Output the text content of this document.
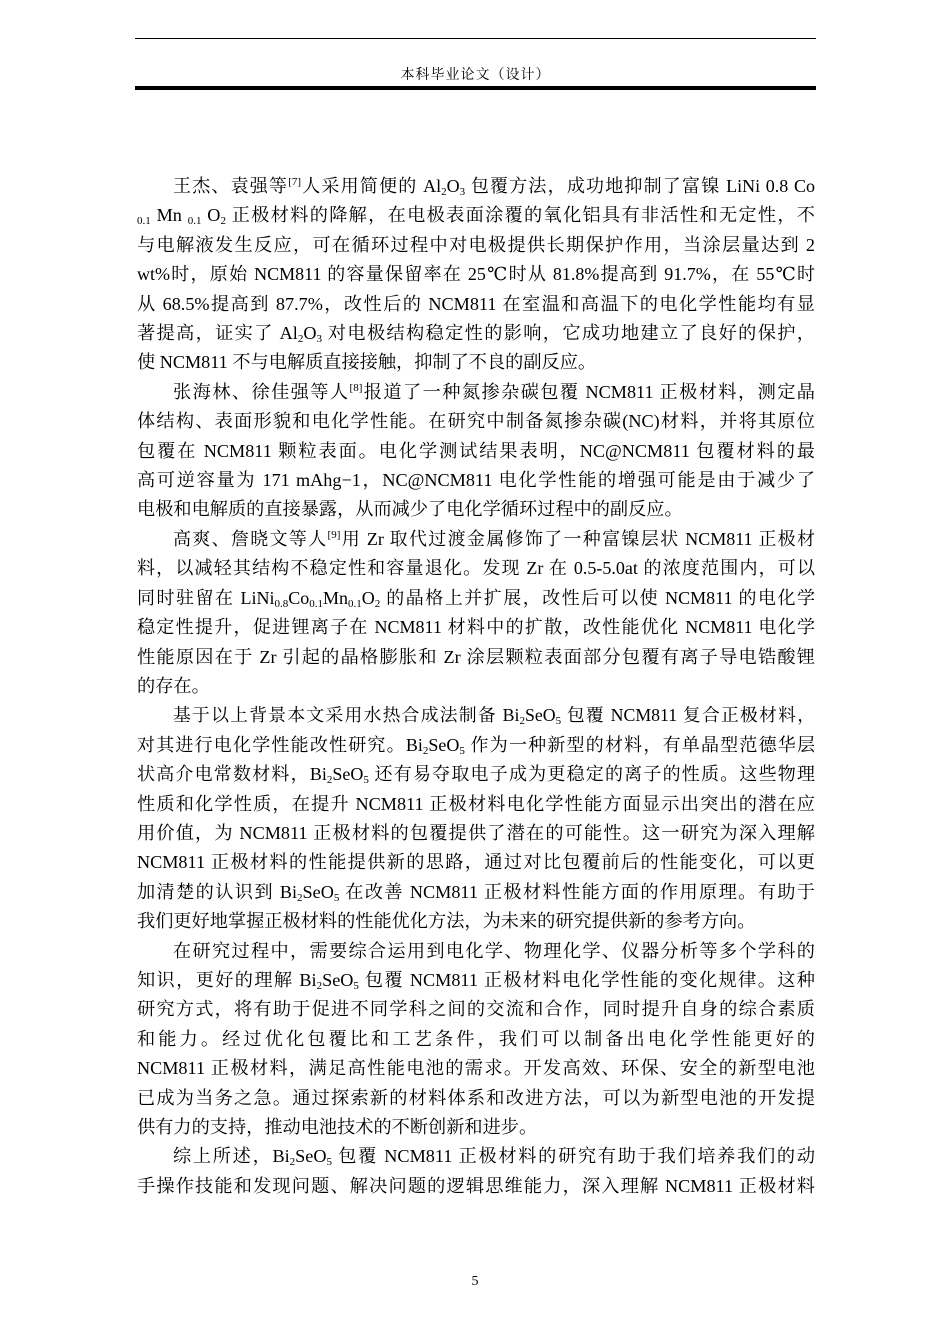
本科毕业论文（设计）
王杰、袁强等[7]人采用简便的 $Al_2O_3$ 包覆方法，成功地抑制了富镍 LiNi 0.8 Co
$_{0.1}$ Mn $_{0.1}$ $O_2$ 正极材料的降解，在电极表面涂覆的氧化铝具有非活性和无定性，不
与电解液发生反应，可在循环过程中对电极提供长期保护作用，当涂层量达到 2
wt%时，原始 NCM811 的容量保留率在 25℃时从 81.8%提高到 91.7%，在 55℃时
从 68.5%提高到 87.7%，改性后的 NCM811 在室温和高温下的电化学性能均有显
著提高，证实了 $Al_2O_3$ 对电极结构稳定性的影响，它成功地建立了良好的保护，
使 NCM811 不与电解质直接接触，抑制了不良的副反应。
张海林、徐佳强等人[8]报道了一种氮掺杂碳包覆 NCM811 正极材料，测定晶
体结构、表面形貌和电化学性能。在研究中制备氮掺杂碳(NC)材料，并将其原位
包覆在 NCM811 颗粒表面。电化学测试结果表明，NC@NCM811 包覆材料的最
高可逆容量为 171 mAhg−1，NC@NCM811 电化学性能的增强可能是由于减少了
电极和电解质的直接暴露，从而减少了电化学循环过程中的副反应。
高爽、詹晓文等人[9]用 Zr 取代过渡金属修饰了一种富镍层状 NCM811 正极材
料，以减轻其结构不稳定性和容量退化。发现 Zr 在 0.5-5.0at 的浓度范围内，可以
同时驻留在 $LiNi_{0.8}Co_{0.1}Mn_{0.1}O_2$ 的晶格上并扩展，改性后可以使 NCM811 的电化学
稳定性提升，促进锂离子在 NCM811 材料中的扩散，改性能优化 NCM811 电化学
性能原因在于 Zr 引起的晶格膨胀和 Zr 涂层颗粒表面部分包覆有离子导电锆酸锂
的存在。
基于以上背景本文采用水热合成法制备 $Bi_2SeO_5$ 包覆 NCM811 复合正极材料，
对其进行电化学性能改性研究。$Bi_2SeO_5$ 作为一种新型的材料，有单晶型范德华层
状高介电常数材料，$Bi_2SeO_5$ 还有易夺取电子成为更稳定的离子的性质。这些物理
性质和化学性质，在提升 NCM811 正极材料电化学性能方面显示出突出的潜在应
用价值，为 NCM811 正极材料的包覆提供了潜在的可能性。这一研究为深入理解
NCM811 正极材料的性能提供新的思路，通过对比包覆前后的性能变化，可以更
加清楚的认识到 $Bi_2SeO_5$ 在改善 NCM811 正极材料性能方面的作用原理。有助于
我们更好地掌握正极材料的性能优化方法，为未来的研究提供新的参考方向。
在研究过程中，需要综合运用到电化学、物理化学、仪器分析等多个学科的
知识，更好的理解 $Bi_2SeO_5$ 包覆 NCM811 正极材料电化学性能的变化规律。这种
研究方式，将有助于促进不同学科之间的交流和合作，同时提升自身的综合素质
和能力。经过优化包覆比和工艺条件，我们可以制备出电化学性能更好的
NCM811 正极材料，满足高性能电池的需求。开发高效、环保、安全的新型电池
已成为当务之急。通过探索新的材料体系和改进方法，可以为新型电池的开发提
供有力的支持，推动电池技术的不断创新和进步。
综上所述，$Bi_2SeO_5$ 包覆 NCM811 正极材料的研究有助于我们培养我们的动
手操作技能和发现问题、解决问题的逻辑思维能力，深入理解 NCM811 正极材料
5
